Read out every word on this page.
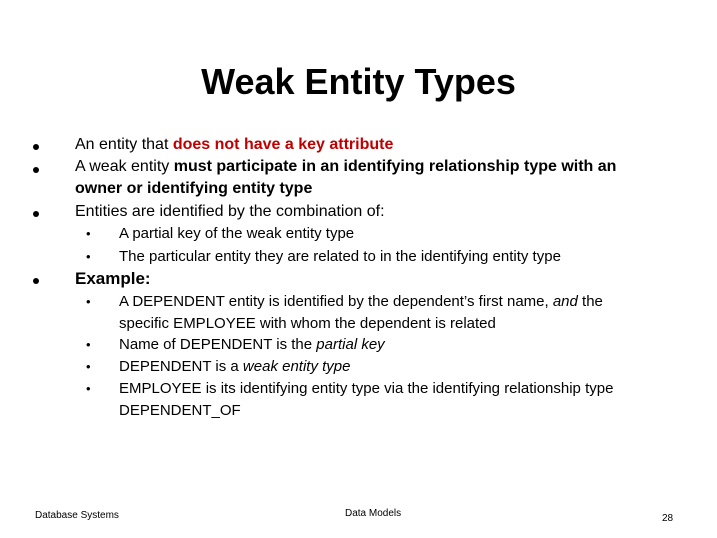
Weak Entity Types
An entity that does not have a key attribute
A weak entity must participate in an identifying relationship type with an
owner or identifying entity type
Entities are identified by the combination of:
• A partial key of the weak entity type
• The particular entity they are related to in the identifying entity type
Example:
• A DEPENDENT entity is identified by the dependent’s first name, and the
specific EMPLOYEE with whom the dependent is related
• Name of DEPENDENT is the partial key
• DEPENDENT is a weak entity type
• EMPLOYEE is its identifying entity type via the identifying relationship type
DEPENDENT_OF
Database Systems	Data Models	28
